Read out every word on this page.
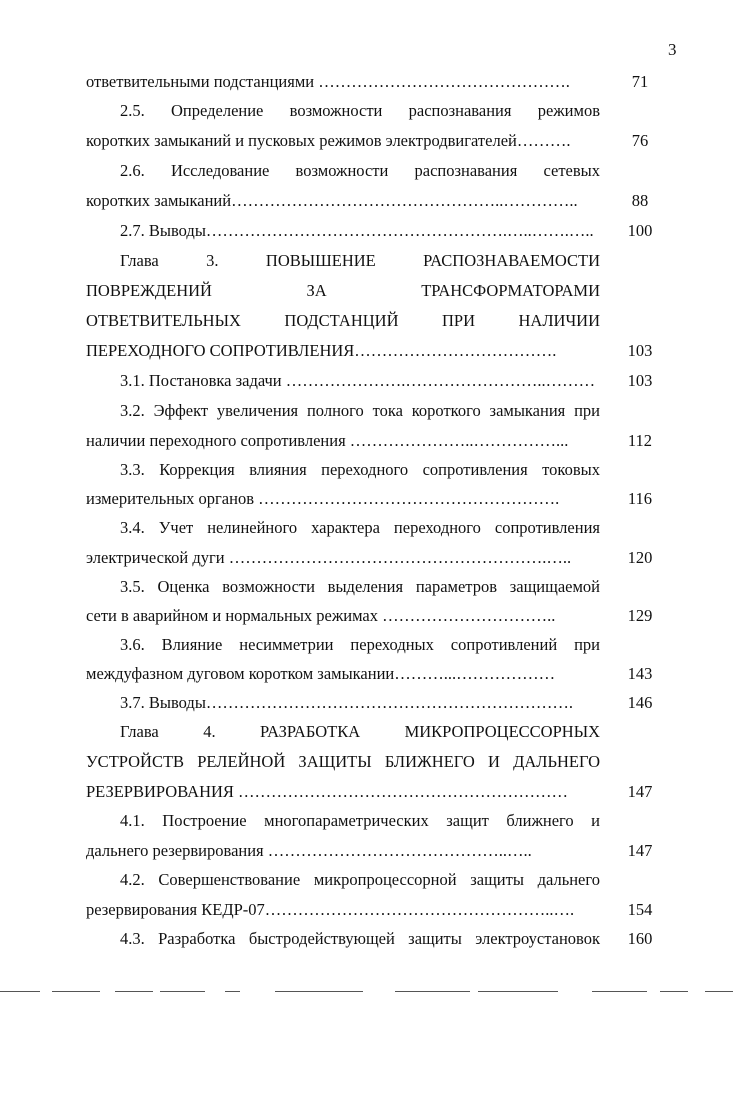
3
ответвительными подстанциями ……………………………………….	71
2.5. Определение возможности распознавания режимов
коротких замыканий и пусковых режимов электродвигателей……….	76
2.6. Исследование возможности распознавания сетевых
коротких замыканий…………………………………………..…………..	88
2.7. Выводы……………………………………………….…..…….…..	100
Глава 3. ПОВЫШЕНИЕ РАСПОЗНАВАЕМОСТИ
ПОВРЕЖДЕНИЙ ЗА ТРАНСФОРМАТОРАМИ
ОТВЕТВИТЕЛЬНЫХ ПОДСТАНЦИЙ ПРИ НАЛИЧИИ
ПЕРЕХОДНОГО СОПРОТИВЛЕНИЯ……………………………….	103
3.1. Постановка задачи ………………….……………………..………	103
3.2. Эффект увеличения полного тока короткого замыкания при
наличии переходного сопротивления …………………..……………...	112
3.3. Коррекция влияния переходного сопротивления токовых
измерительных органов ……………………………………………….	116
3.4. Учет нелинейного характера переходного сопротивления
электрической дуги ………………………………………………….…..	120
3.5. Оценка возможности выделения параметров защищаемой
сети в аварийном и нормальных режимах …………………………..	129
3.6. Влияние несимметрии переходных сопротивлений при
междуфазном дуговом коротком замыкании………...………………	143
3.7. Выводы………………………………………………………….	146
Глава 4. РАЗРАБОТКА МИКРОПРОЦЕССОРНЫХ
УСТРОЙСТВ РЕЛЕЙНОЙ ЗАЩИТЫ БЛИЖНЕГО И ДАЛЬНЕГО
РЕЗЕРВИРОВАНИЯ ……………………………………………………	147
4.1. Построение многопараметрических защит ближнего и
дальнего резервирования ……………………………………..…..	147
4.2. Совершенствование микропроцессорной защиты дальнего
резервирования КЕДР-07……………………………………………..….	154
4.3. Разработка быстродействующей защиты электроустановок	160
